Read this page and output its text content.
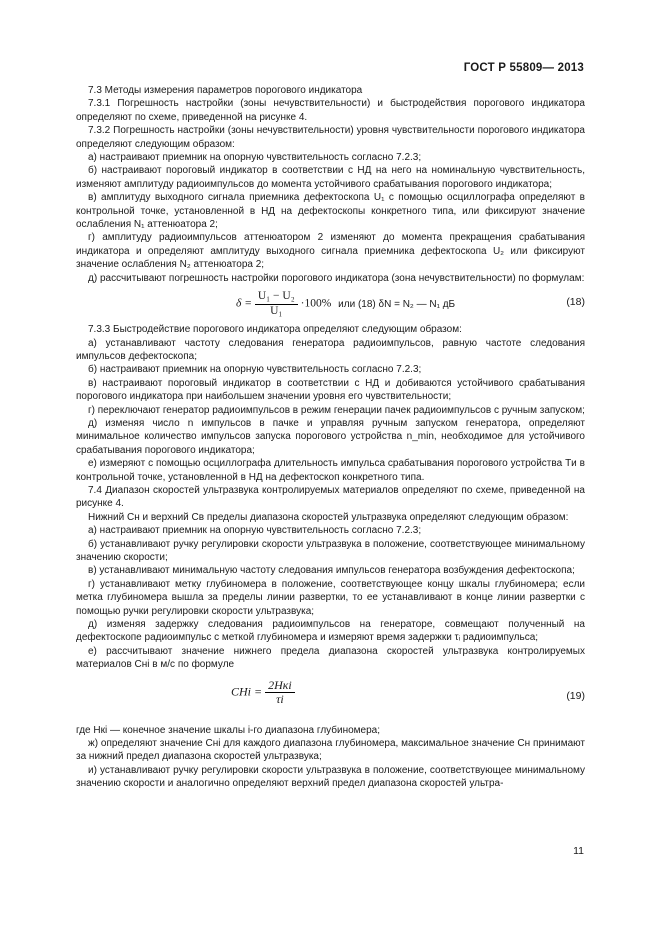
ГОСТ Р 55809— 2013

7.3 Методы измерения параметров порогового индикатора

7.3.1 Погрешность настройки (зоны нечувствительности) и быстродействия порогового индикатора определяют по схеме, приведенной на рисунке 4.

7.3.2 Погрешность настройки (зоны нечувствительности) уровня чувствительности порогового индикатора определяют следующим образом:

а) настраивают приемник на опорную чувствительность согласно 7.2.3;

б) настраивают пороговый индикатор в соответствии с НД на него на номинальную чувствительность, изменяют амплитуду радиоимпульсов до момента устойчивого срабатывания порогового индикатора;

в) амплитуду выходного сигнала приемника дефектоскопа U₁ с помощью осциллографа определяют в контрольной точке, установленной в НД на дефектоскопы конкретного типа, или фиксируют значение ослабления N₁ аттенюатора 2;

г) амплитуду радиоимпульсов аттенюатором 2 изменяют до момента прекращения срабатывания индикатора и определяют амплитуду выходного сигнала приемника дефектоскопа U₂ или фиксируют значение ослабления N₂ аттенюатора 2;

д) рассчитывают погрешность настройки порогового индикатора (зона нечувствительности) по формулам:

$\delta = \frac{\text{U₁ − U₂}}{\text{U₁}} \cdot 100\%$ или (18) δN = N₂ — N₁ дБ	(18)

7.3.3 Быстродействие порогового индикатора определяют следующим образом:

а) устанавливают частоту следования генератора радиоимпульсов, равную частоте следования импульсов дефектоскопа;

б) настраивают приемник на опорную чувствительность согласно 7.2.3;

в) настраивают пороговый индикатор в соответствии с НД и добиваются устойчивого срабатывания порогового индикатора при наибольшем значении уровня его чувствительности;

г) переключают генератор радиоимпульсов в режим генерации пачек радиоимпульсов с ручным запуском;

д) изменяя число n импульсов в пачке и управляя ручным запуском генератора, определяют минимальное количество импульсов запуска порогового устройства n_min, необходимое для устойчивого срабатывания порогового индикатора;

е) измеряют с помощью осциллографа длительность импульса срабатывания порогового устройства Tи в контрольной точке, установленной в НД на дефектоскоп конкретного типа.

7.4 Диапазон скоростей ультразвука контролируемых материалов определяют по схеме, приведенной на рисунке 4.

Нижний Сн и верхний Св пределы диапазона скоростей ультразвука определяют следующим образом:

а) настраивают приемник на опорную чувствительность согласно 7.2.3;

б) устанавливают ручку регулировки скорости ультразвука в положение, соответствующее минимальному значению скорости;

в) устанавливают минимальную частоту следования импульсов генератора возбуждения дефектоскопа;

г) устанавливают метку глубиномера в положение, соответствующее концу шкалы глубиномера; если метка глубиномера вышла за пределы линии развертки, то ее устанавливают в конце линии развертки с помощью ручки регулировки скорости ультразвука;

д) изменяя задержку следования радиоимпульсов на генераторе, совмещают полученный на дефектоскопе радиоимпульс с меткой глубиномера и измеряют время задержки τᵢ радиоимпульса;

е) рассчитывают значение нижнего предела диапазона скоростей ультразвука контролируемых материалов Снi в м/с по формуле

CНi = $\frac{\text{2Hкi}}{\tau i}$	(19)

где Нкi — конечное значение шкалы i-го диапазона глубиномера;

ж) определяют значение Снi для каждого диапазона глубиномера, максимальное значение Сн принимают за нижний предел диапазона скоростей ультразвука;

и) устанавливают ручку регулировки скорости ультразвука в положение, соответствующее минимальному значению скорости и аналогично определяют верхний предел диапазона скоростей ультра-

11
